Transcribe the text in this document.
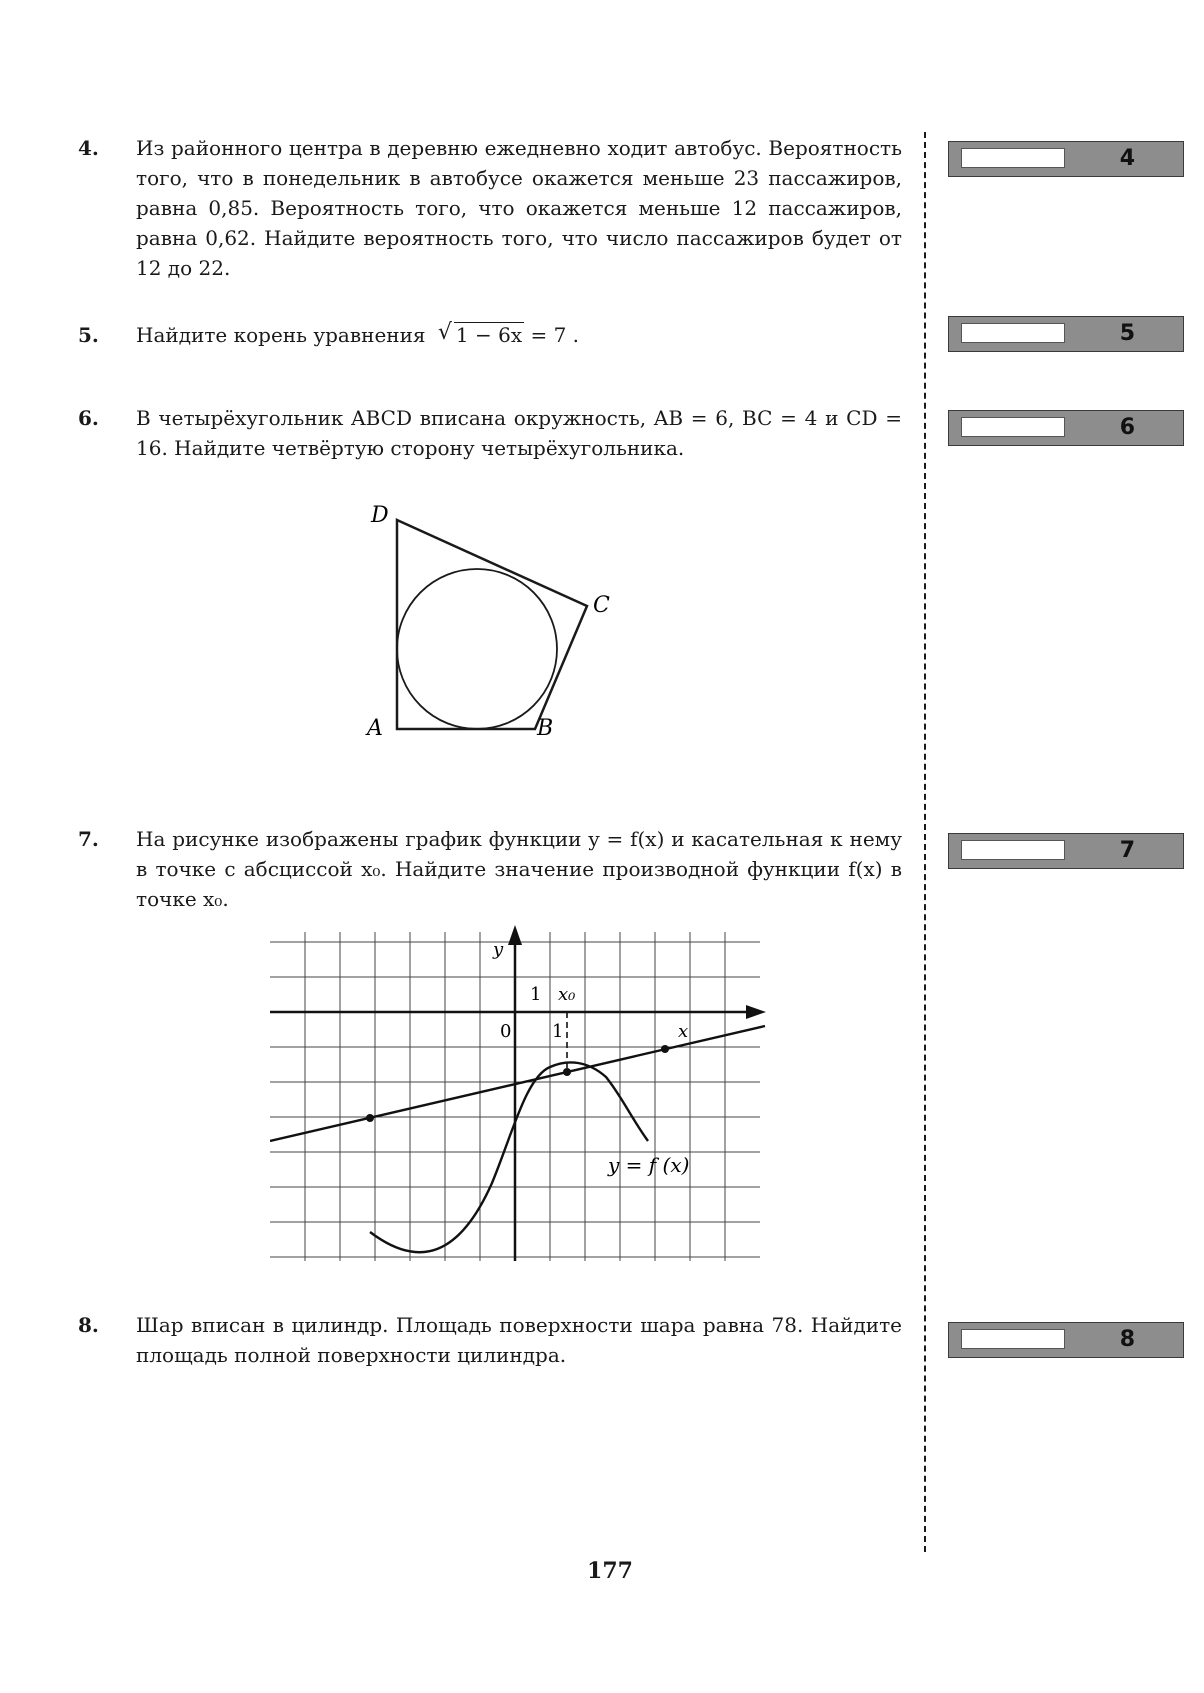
4. Из районного центра в деревню ежедневно ходит автобус. Вероятность того, что в понедельник в автобусе окажется меньше 23 пассажиров, равна 0,85. Вероятность того, что окажется меньше 12 пассажиров, равна 0,62. Найдите вероятность того, что число пассажиров будет от 12 до 22.
5. Найдите корень уравнения √ 1 − 6x = 7 .
6. В четырёхугольник ABCD вписана окружность, AB = 6, BC = 4 и CD = 16. Найдите четвёртую сторону четырёхугольника.
D
C
A	B
7. На рисунке изображены график функции y = f(x) и касательная к нему в точке с абсциссой x₀. Найдите значение производной функции f(x) в точке x₀.
y
x
0
1 x₀
1
y = f (x)
8. Шар вписан в цилиндр. Площадь поверхности шара равна 78. Найдите площадь полной поверхности цилиндра.
4
5
6
7
8
177
